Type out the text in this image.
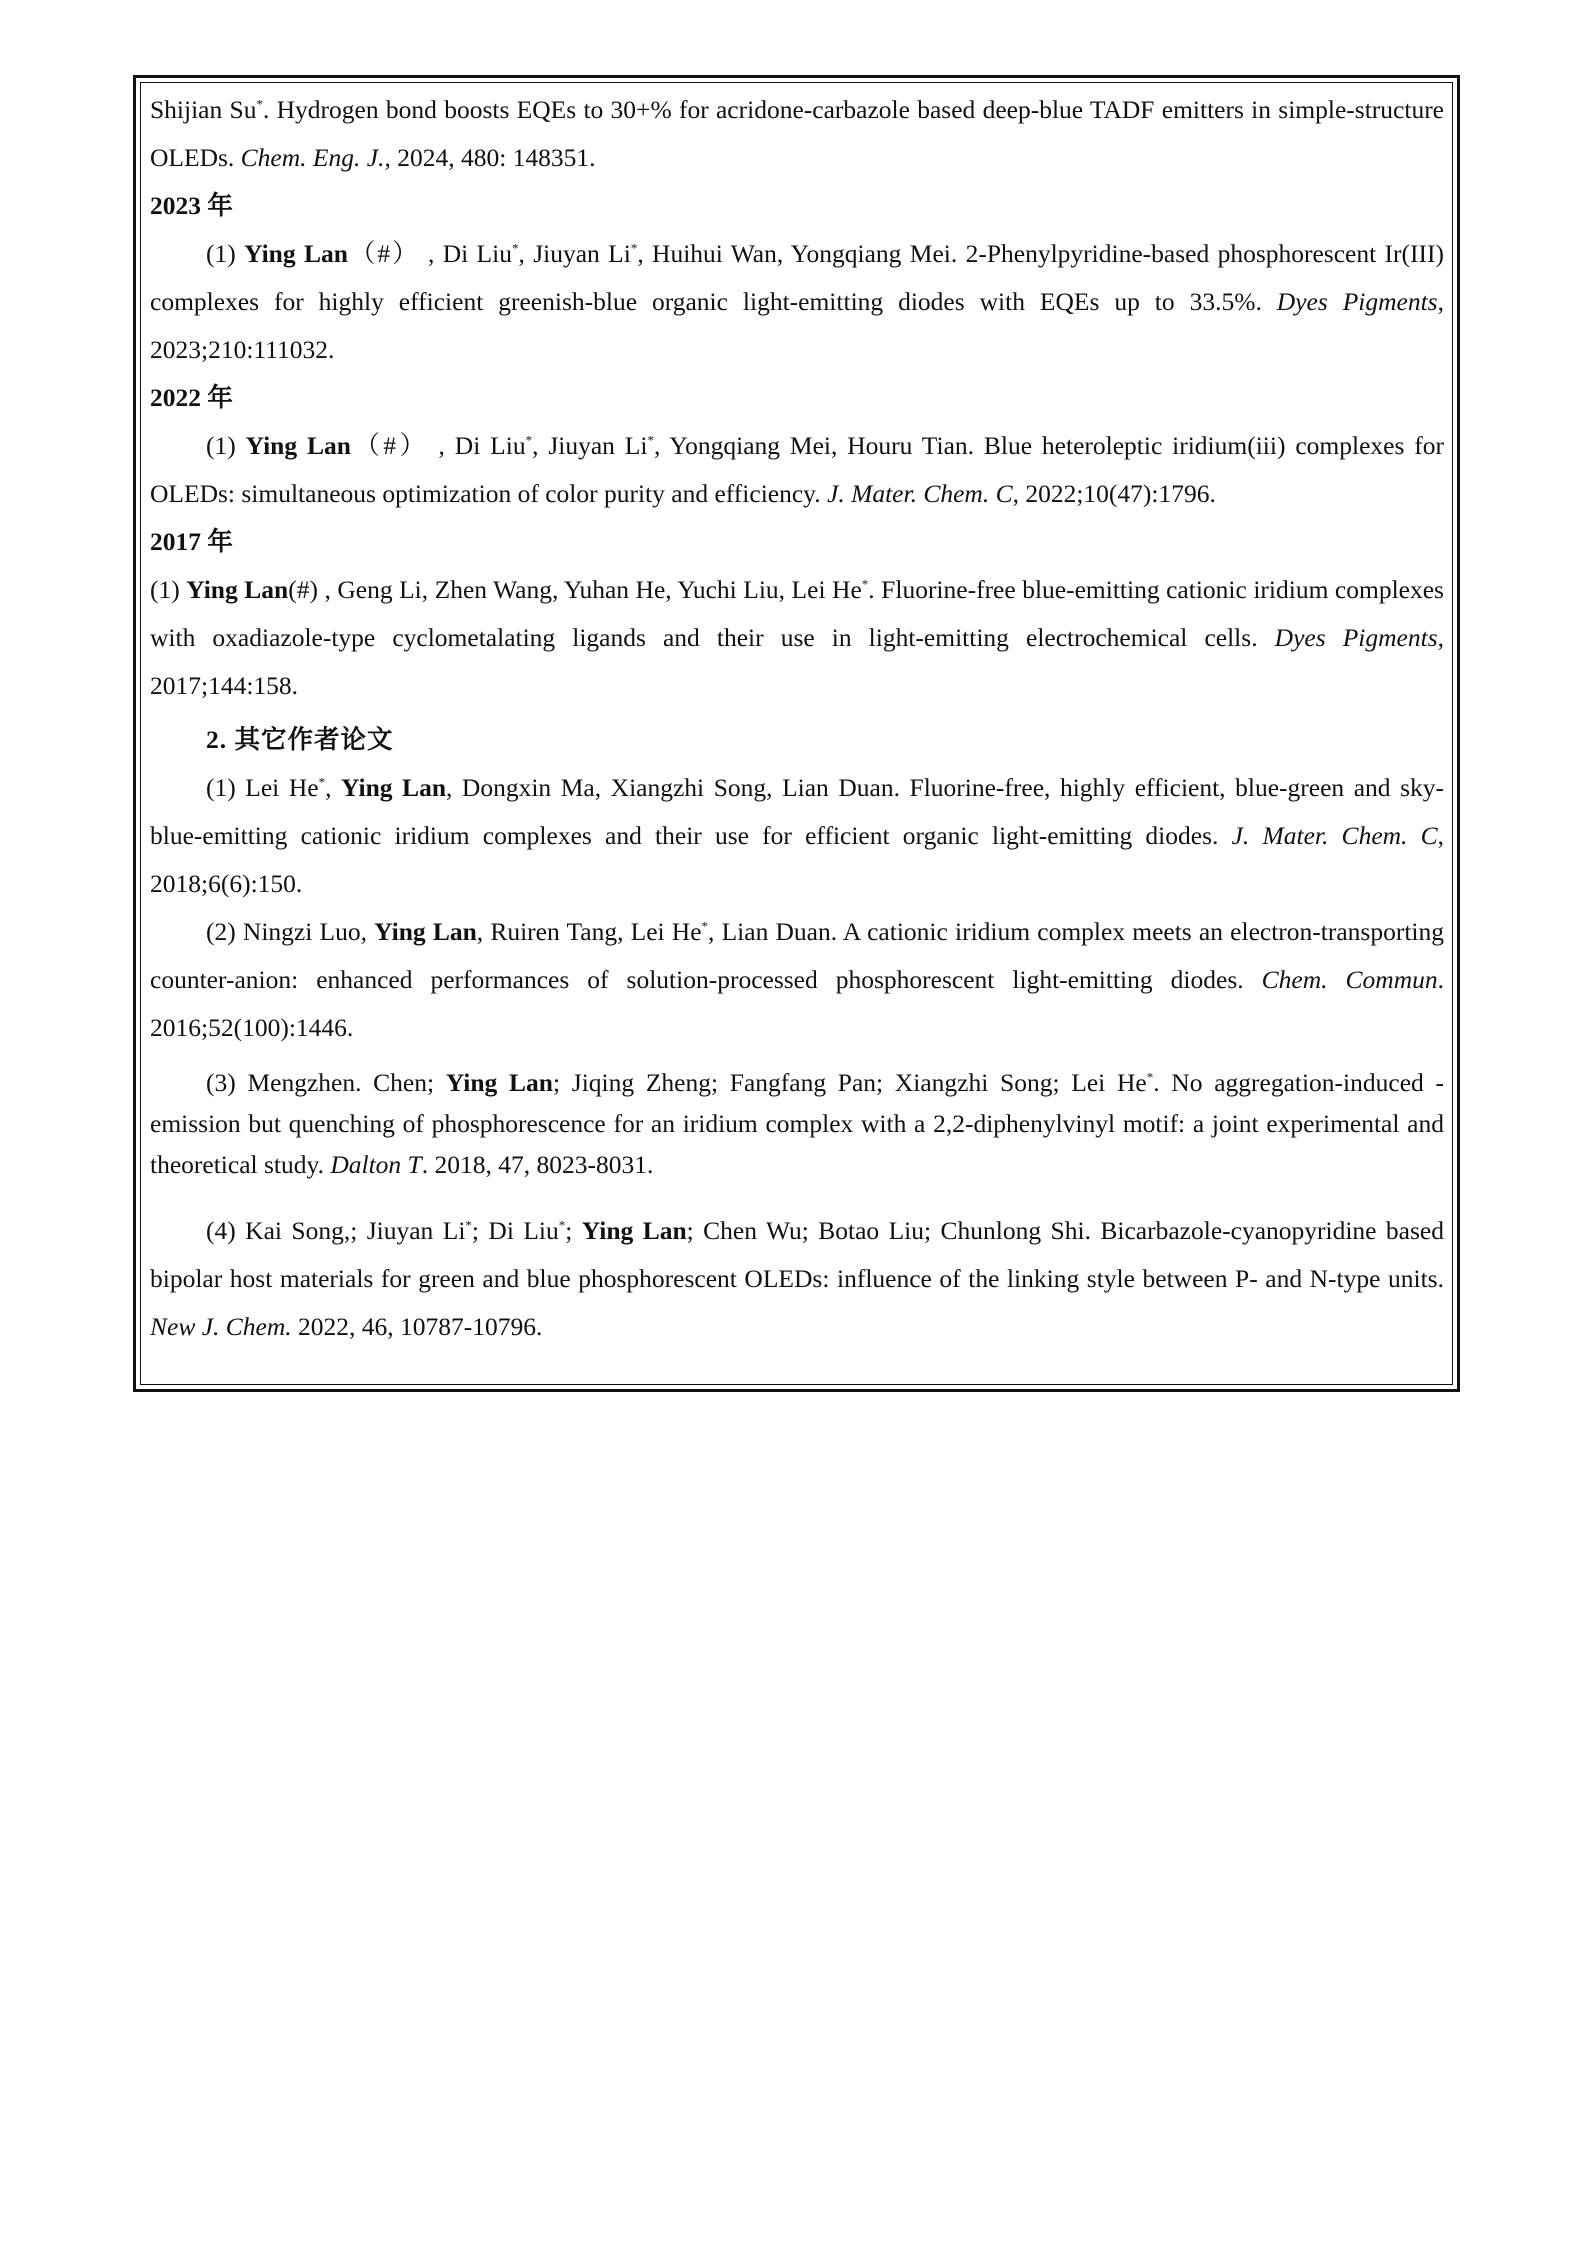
Shijian Su*. Hydrogen bond boosts EQEs to 30+% for acridone-carbazole based deep-blue TADF emitters in simple-structure OLEDs. Chem. Eng. J., 2024, 480: 148351.

2023 年

(1) Ying Lan（#） , Di Liu*, Jiuyan Li*, Huihui Wan, Yongqiang Mei. 2-Phenylpyridine-based phosphorescent Ir(III) complexes for highly efficient greenish-blue organic light-emitting diodes with EQEs up to 33.5%. Dyes Pigments, 2023;210:111032.

2022 年

(1) Ying Lan（#） , Di Liu*, Jiuyan Li*, Yongqiang Mei, Houru Tian. Blue heteroleptic iridium(iii) complexes for OLEDs: simultaneous optimization of color purity and efficiency. J. Mater. Chem. C, 2022;10(47):1796.

2017 年

(1) Ying Lan(#) , Geng Li, Zhen Wang, Yuhan He, Yuchi Liu, Lei He*. Fluorine-free blue-emitting cationic iridium complexes with oxadiazole-type cyclometalating ligands and their use in light-emitting electrochemical cells. Dyes Pigments, 2017;144:158.

2. 其它作者论文

(1) Lei He*, Ying Lan, Dongxin Ma, Xiangzhi Song, Lian Duan. Fluorine-free, highly efficient, blue-green and sky-blue-emitting cationic iridium complexes and their use for efficient organic light-emitting diodes. J. Mater. Chem. C, 2018;6(6):150.

(2) Ningzi Luo, Ying Lan, Ruiren Tang, Lei He*, Lian Duan. A cationic iridium complex meets an electron-transporting counter-anion: enhanced performances of solution-processed phosphorescent light-emitting diodes. Chem. Commun. 2016;52(100):1446.

(3) Mengzhen. Chen; Ying Lan; Jiqing Zheng; Fangfang Pan; Xiangzhi Song; Lei He*. No aggregation-induced -emission but quenching of phosphorescence for an iridium complex with a 2,2-diphenylvinyl motif: a joint experimental and theoretical study. Dalton T. 2018, 47, 8023-8031.

(4) Kai Song,; Jiuyan Li*; Di Liu*; Ying Lan; Chen Wu; Botao Liu; Chunlong Shi. Bicarbazole-cyanopyridine based bipolar host materials for green and blue phosphorescent OLEDs: influence of the linking style between P- and N-type units. New J. Chem. 2022, 46, 10787-10796.
